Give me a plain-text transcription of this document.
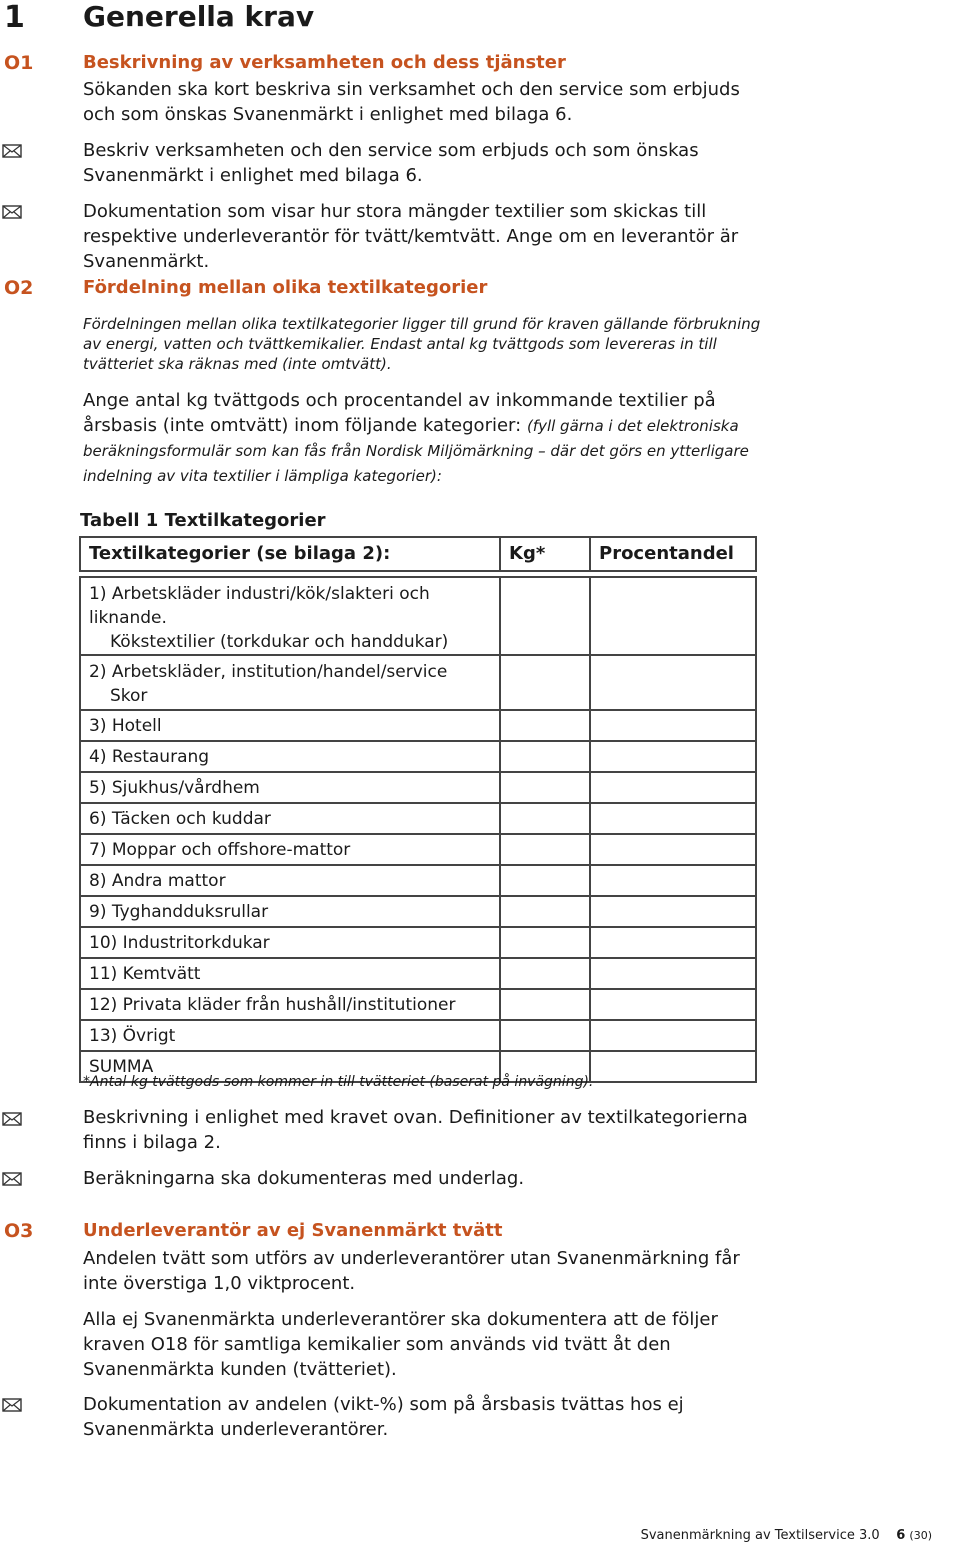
1 Generella krav
O1	Beskrivning av verksamheten och dess tjänster
Sökanden ska kort beskriva sin verksamhet och den service som erbjuds och som önskas Svanenmärkt i enlighet med bilaga 6.
Beskriv verksamheten och den service som erbjuds och som önskas Svanenmärkt i enlighet med bilaga 6.
Dokumentation som visar hur stora mängder textilier som skickas till respektive underleverantör för tvätt/kemtvätt. Ange om en leverantör är Svanenmärkt.
O2	Fördelning mellan olika textilkategorier
Fördelningen mellan olika textilkategorier ligger till grund för kraven gällande förbrukning av energi, vatten och tvättkemikalier. Endast antal kg tvättgods som levereras in till tvätteriet ska räknas med (inte omtvätt).
Ange antal kg tvättgods och procentandel av inkommande textilier på årsbasis (inte omtvätt) inom följande kategorier: (fyll gärna i det elektroniska beräkningsformulär som kan fås från Nordisk Miljömärkning – där det görs en ytterligare indelning av vita textilier i lämpliga kategorier):
Tabell 1 Textilkategorier
Textilkategorier (se bilaga 2):	Kg*	Procentandel

1) Arbetskläder industri/kök/slakteri och liknande.
Kökstextilier (torkdukar och handdukar)		

2) Arbetskläder, institution/handel/service
Skor		

3) Hotell		
4) Restaurang		
5) Sjukhus/vårdhem		
6) Täcken och kuddar		
7) Moppar och offshore-mattor		
8) Andra mattor		
9) Tyghandduksrullar		
10) Industritorkdukar		
11) Kemtvätt		
12) Privata kläder från hushåll/institutioner		
13) Övrigt		
SUMMA		
*Antal kg tvättgods som kommer in till tvätteriet (baserat på invägning).
Beskrivning i enlighet med kravet ovan. Definitioner av textilkategorierna finns i bilaga 2.
Beräkningarna ska dokumenteras med underlag.
O3	Underleverantör av ej Svanenmärkt tvätt
Andelen tvätt som utförs av underleverantörer utan Svanenmärkning får inte överstiga 1,0 viktprocent.
Alla ej Svanenmärkta underleverantörer ska dokumentera att de följer kraven O18 för samtliga kemikalier som används vid tvätt åt den Svanenmärkta kunden (tvätteriet).
Dokumentation av andelen (vikt-%) som på årsbasis tvättas hos ej Svanenmärkta underleverantörer.
Svanenmärkning av Textilservice 3.0 6 (30)
